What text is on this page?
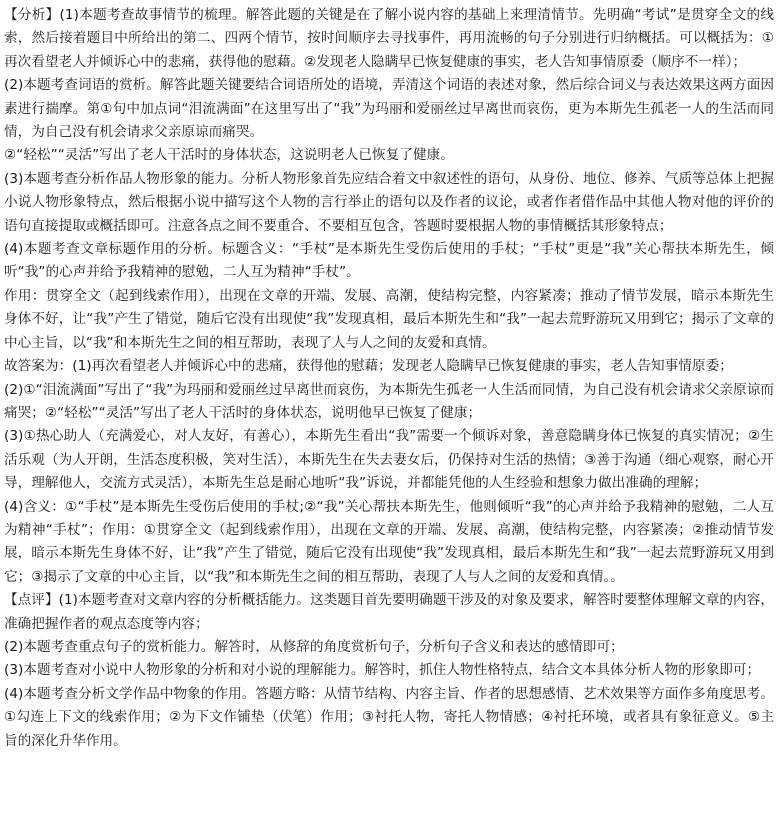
【分析】(1)本题考查故事情节的梳理。解答此题的关键是在了解小说内容的基础上来理清情节。先明确“考试”是贯穿全文的线索，然后接着题目中所给出的第二、四两个情节，按时间顺序去寻找事件，再用流畅的句子分别进行归纳概括。可以概括为：①再次看望老人并倾诉心中的悲痛，获得他的慰藉。②发现老人隐瞒早已恢复健康的事实，老人告知事情原委（顺序不一样）；

(2)本题考查词语的赏析。解答此题关键要结合词语所处的语境，弄清这个词语的表述对象，然后综合词义与表达效果这两方面因素进行揣摩。第①句中加点词“泪流满面”在这里写出了“我”为玛丽和爱丽丝过早离世而哀伤，更为本斯先生孤老一人的生活而同情，为自己没有机会请求父亲原谅而痛哭。

②“轻松”“灵活”写出了老人干活时的身体状态，这说明老人已恢复了健康。

(3)本题考查分析作品人物形象的能力。分析人物形象首先应结合着文中叙述性的语句，从身份、地位、修养、气质等总体上把握小说人物形象特点，然后根据小说中描写这个人物的言行举止的语句以及作者的议论，或者作者借作品中其他人物对他的评价的语句直接提取或概括即可。注意各点之间不要重合、不要相互包含，答题时要根据人物的事情概括其形象特点；

(4)本题考查文章标题作用的分析。标题含义：“手杖”是本斯先生受伤后使用的手杖；“手杖”更是“我”关心帮扶本斯先生，倾听“我”的心声并给予我精神的慰勉，二人互为精神“手杖”。

作用：贯穿全文（起到线索作用），出现在文章的开端、发展、高潮，使结构完整，内容紧凑；推动了情节发展，暗示本斯先生身体不好，让“我”产生了错觉，随后它没有出现使“我”发现真相，最后本斯先生和“我”一起去荒野游玩又用到它；揭示了文章的中心主旨，以“我”和本斯先生之间的相互帮助，表现了人与人之间的友爱和真情。

故答案为：(1)再次看望老人并倾诉心中的悲痛，获得他的慰藉；发现老人隐瞒早已恢复健康的事实，老人告知事情原委；

(2)①“泪流满面”写出了“我”为玛丽和爱丽丝过早离世而哀伤，为本斯先生孤老一人生活而同情，为自己没有机会请求父亲原谅而痛哭；②“轻松”“灵活”写出了老人干活时的身体状态，说明他早已恢复了健康；

(3)①热心助人（充满爱心，对人友好，有善心），本斯先生看出“我”需要一个倾诉对象，善意隐瞒身体已恢复的真实情况；②生活乐观（为人开朗，生活态度积极，笑对生活），本斯先生在失去妻女后，仍保持对生活的热情；③善于沟通（细心观察，耐心开导，理解他人，交流方式灵活），本斯先生总是耐心地听“我”诉说，并都能凭他的人生经验和想象力做出准确的理解；

(4)含义：①“手杖”是本斯先生受伤后使用的手杖;②“我”关心帮扶本斯先生，他则倾听“我”的心声并给予我精神的慰勉，二人互为精神“手杖”；作用：①贯穿全文（起到线索作用），出现在文章的开端、发展、高潮，使结构完整，内容紧凑；②推动情节发展，暗示本斯先生身体不好，让“我”产生了错觉，随后它没有出现使“我”发现真相，最后本斯先生和“我”一起去荒野游玩又用到它；③揭示了文章的中心主旨，以“我”和本斯先生之间的相互帮助，表现了人与人之间的友爱和真情。。

【点评】(1)本题考查对文章内容的分析概括能力。这类题目首先要明确题干涉及的对象及要求，解答时要整体理解文章的内容，准确把握作者的观点态度等内容；

(2)本题考查重点句子的赏析能力。解答时，从修辞的角度赏析句子，分析句子含义和表达的感情即可；

(3)本题考查对小说中人物形象的分析和对小说的理解能力。解答时，抓住人物性格特点，结合文本具体分析人物的形象即可；

(4)本题考查分析文学作品中物象的作用。答题方略：从情节结构、内容主旨、作者的思想感情、艺术效果等方面作多角度思考。①勾连上下文的线索作用；②为下文作铺垫（伏笔）作用；③衬托人物，寄托人物情感；④衬托环境，或者具有象征意义。⑤主旨的深化升华作用。
